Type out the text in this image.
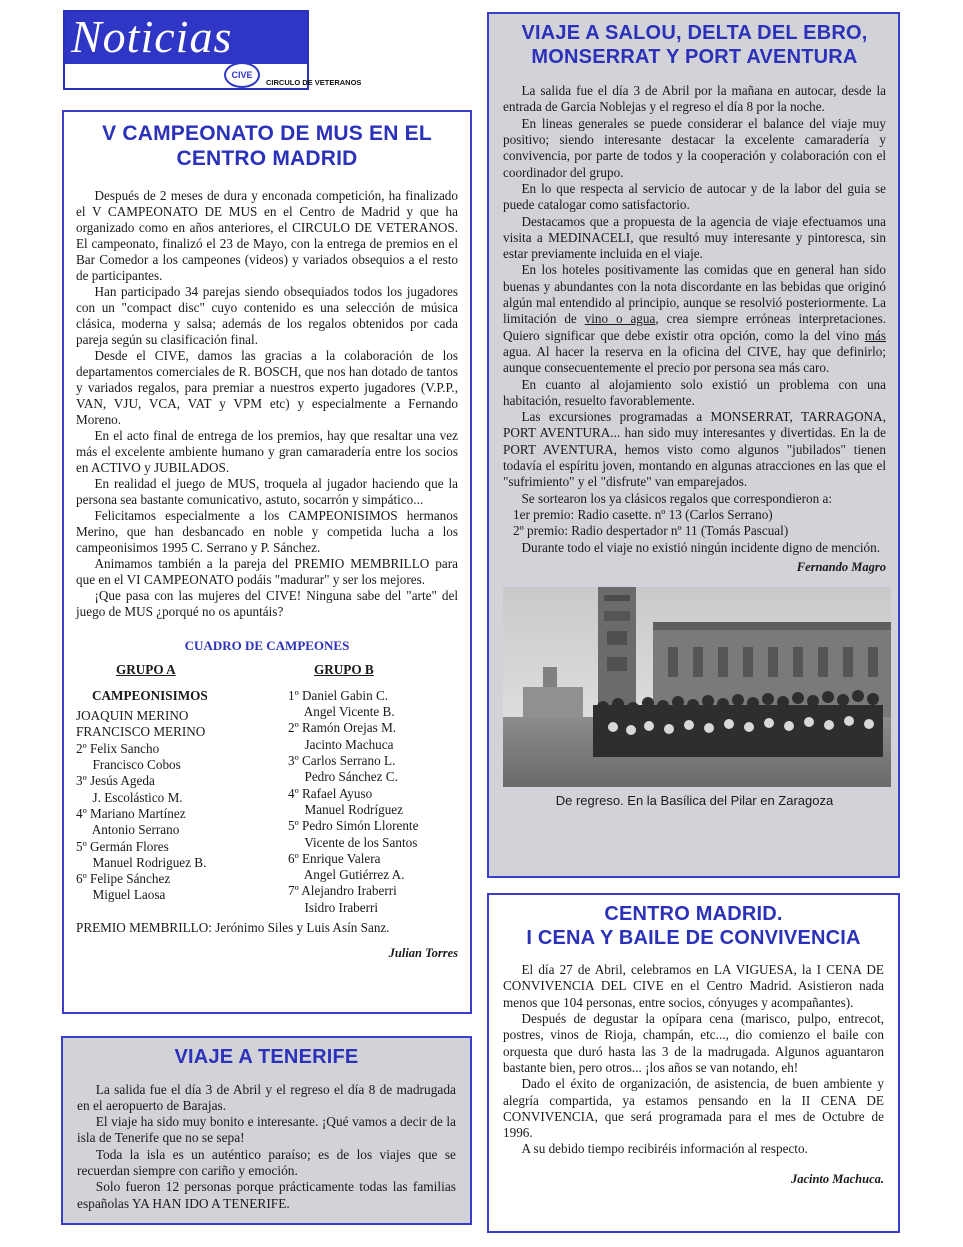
Noticias
CIVE
CIRCULO DE VETERANOS
V CAMPEONATO DE MUS EN EL
CENTRO MADRID

Después de 2 meses de dura y enconada competición, ha finalizado el V CAMPEONATO DE MUS en el Centro de Madrid y que ha organizado como en años anteriores, el CIRCULO DE VETERANOS. El campeonato, finalizó el 23 de Mayo, con la entrega de premios en el Bar Comedor a los campeones (videos) y variados obsequios a el resto de participantes.

Han participado 34 parejas siendo obsequiados todos los jugadores con un "compact disc" cuyo contenido es una selección de música clásica, moderna y salsa; además de los regalos obtenidos por cada pareja según su clasificación final.

Desde el CIVE, damos las gracias a la colaboración de los departamentos comerciales de R. BOSCH, que nos han dotado de tantos y variados regalos, para premiar a nuestros experto jugadores (V.P.P., VAN, VJU, VCA, VAT y VPM etc) y especialmente a Fernando Moreno.

En el acto final de entrega de los premios, hay que resaltar una vez más el excelente ambiente humano y gran camaradería entre los socios en ACTIVO y JUBILADOS.

En realidad el juego de MUS, troquela al jugador haciendo que la persona sea bastante comunicativo, astuto, socarrón y simpático...

Felicitamos especialmente a los CAMPEONISIMOS hermanos Merino, que han desbancado en noble y competida lucha a los campeonisimos 1995 C. Serrano y P. Sánchez.

Animamos también a la pareja del PREMIO MEMBRILLO para que en el VI CAMPEONATO podáis "madurar" y ser los mejores.

¡Que pasa con las mujeres del CIVE! Ninguna sabe del "arte" del juego de MUS ¿porqué no os apuntáis?

CUADRO DE CAMPEONES
GRUPO A
CAMPEONISIMOS
JOAQUIN MERINO
FRANCISCO MERINO
2º Felix Sancho
Francisco Cobos
3º Jesús Ageda
J. Escolástico M.
4º Mariano Martínez
Antonio Serrano
5º Germán Flores
Manuel Rodriguez B.
6º Felipe Sánchez
Miguel Laosa
GRUPO B
1º Daniel Gabin C.
Angel Vicente B.
2º Ramón Orejas M.
Jacinto Machuca
3º Carlos Serrano L.
Pedro Sánchez C.
4º Rafael Ayuso
Manuel Rodríguez
5º Pedro Simón Llorente
Vicente de los Santos
6º Enrique Valera
Angel Gutiérrez A.
7º Alejandro Iraberri
Isidro Iraberri
PREMIO MEMBRILLO: Jerónimo Siles y Luis Asín Sanz.
Julian Torres
VIAJE A TENERIFE

La salida fue el día 3 de Abril y el regreso el día 8 de madrugada en el aeropuerto de Barajas.

El viaje ha sido muy bonito e interesante. ¡Qué vamos a decir de la isla de Tenerife que no se sepa!

Toda la isla es un auténtico paraíso; es de los viajes que se recuerdan siempre con cariño y emoción.

Solo fueron 12 personas porque prácticamente todas las familias españolas YA HAN IDO A TENERIFE.

VIAJE A SALOU, DELTA DEL EBRO,
MONSERRAT Y PORT AVENTURA

La salida fue el día 3 de Abril por la mañana en autocar, desde la entrada de Garcia Noblejas y el regreso el día 8 por la noche.

En lineas generales se puede considerar el balance del viaje muy positivo; siendo interesante destacar la excelente camaradería y convivencia, por parte de todos y la cooperación y colaboración con el coordinador del grupo.

En lo que respecta al servicio de autocar y de la labor del guia se puede catalogar como satisfactorio.

Destacamos que a propuesta de la agencia de viaje efectuamos una visita a MEDINACELI, que resultó muy interesante y pintoresca, sin estar previamente incluida en el viaje.

En los hoteles positivamente las comidas que en general han sido buenas y abundantes con la nota discordante en las bebidas que originó algún mal entendido al principio, aunque se resolvió posteriormente. La limitación de vino o agua, crea siempre erróneas interpretaciones. Quiero significar que debe existir otra opción, como la del vino más agua. Al hacer la reserva en la oficina del CIVE, hay que definirlo; aunque consecuentemente el precio por persona sea más caro.

En cuanto al alojamiento solo existió un problema con una habitación, resuelto favorablemente.

Las excursiones programadas a MONSERRAT, TARRAGONA, PORT AVENTURA... han sido muy interesantes y divertidas. En la de PORT AVENTURA, hemos visto como algunos "jubilados" tienen todavía el espíritu joven, montando en algunas atracciones en las que el "sufrimiento" y el "disfrute" van emparejados.

Se sortearon los ya clásicos regalos que correspondieron a:

1er premio: Radio casette. nº 13 (Carlos Serrano)
2º premio: Radio despertador nº 11 (Tomás Pascual)

Durante todo el viaje no existió ningún incidente digno de mención.

Fernando Magro
De regreso. En la Basílica del Pilar en Zaragoza
CENTRO MADRID.
I CENA Y BAILE DE CONVIVENCIA

El día 27 de Abril, celebramos en LA VIGUESA, la I CENA DE CONVIVENCIA DEL CIVE en el Centro Madrid. Asistieron nada menos que 104 personas, entre socios, cónyuges y acompañantes).

Después de degustar la opípara cena (marisco, pulpo, entrecot, postres, vinos de Rioja, champán, etc..., dio comienzo el baile con orquesta que duró hasta las 3 de la madrugada. Algunos aguantaron bastante bien, pero otros... ¡los años se van notando, eh!

Dado el éxito de organización, de asistencia, de buen ambiente y alegría compartida, ya estamos pensando en la II CENA DE CONVIVENCIA, que será programada para el mes de Octubre de 1996.

A su debido tiempo recibiréis información al respecto.

Jacinto Machuca.
